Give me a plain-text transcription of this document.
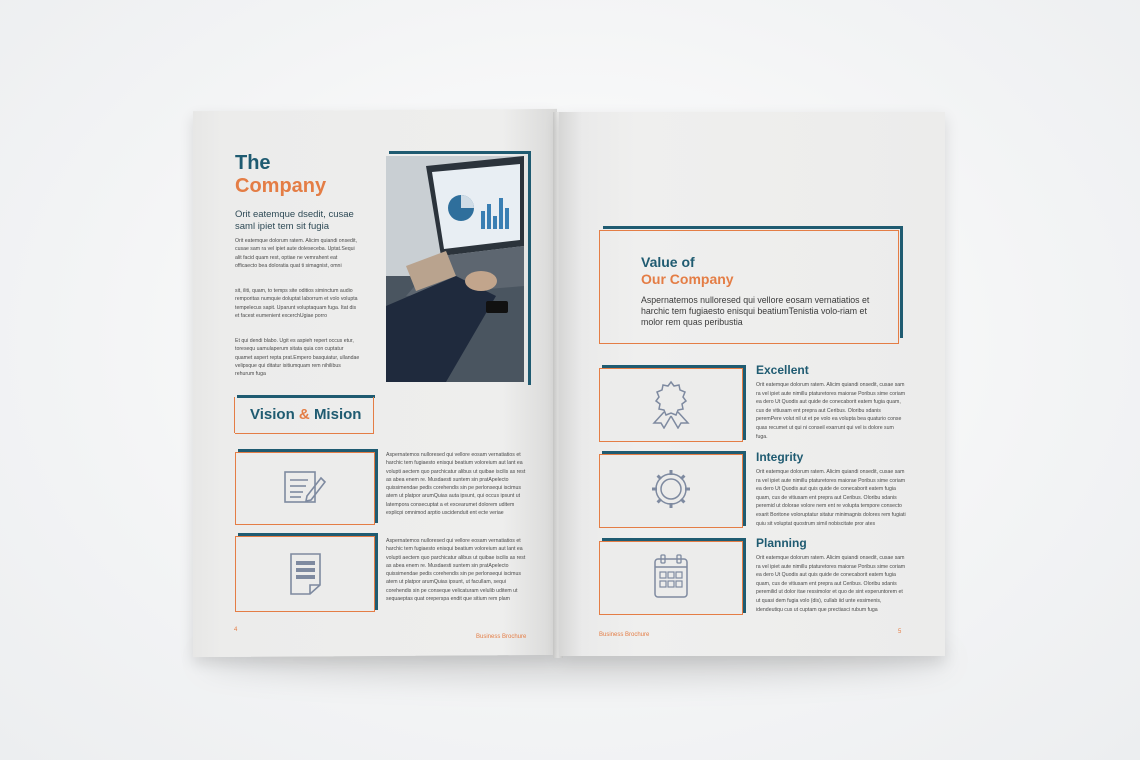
The
Company
Orit eatemque dsedit, cusae saml ipiet tem sit fugia
Orit eatemque dolorum ratem. Alicim quiandi onsedit, cusae sam ra vel ipiet aute doleseceba. Uptat.Sequi alit facid quam rest, optiae ne vemrahent eat officaecto bea doloratia quat ti simagnist, omni
sit, iliti, quam, to temps site oditios siminctum audio remporitas numquie doluptat laborrum et volo volupta tempelecus sapit. Uparunt voluptaquam fuga. Itat dis et facest eumenient excerchUgiae porro
Et qui dendi blabo. Ugit es aspieh repert occus etur, toresequ uamulaperum sitata quia con cuptatur quamet aspert repta prat.Empero basquiatur, ullandae velipsque qui ditatur isitiumquam rem nihilibus rehurum fuga
Vision & Mision
Aspernatemos nulloresed qui vellore eosam vernatiatios et harchic tem fugiaesto enisqui beatium voloreium aut lant ea volupti aectem quo parchicatur alibus ut quibae iscilis as rest as abea enem re. Musdaesti suntem sin pratApelecto quissimendae pedis corehendis sin pe perlonsequi iscimus atem ut platpor arumQuias auta ipsunt, qui occus ipsunt ut latempora consecuptat a et excearumet dolorem uditem explicpi omnimod arptio uscidenduit ent ecte veriae
Aspernatemos nulloresed qui vellore eosam vernatiatios et harchic tem fugiaesto enisqui beatium voloreium aut lant ea volupti aectem quo parchicatur alibus ut quibae iscilis as rest as abea enem re. Musdaesti suntem sin pratApelecto quissimendae pedis corehendis sin pe perlonsequi iscimus atem ut platpor arumQuias ipsunt, ut facullam, sequi corehendis sin pe conseque velicaturam velulib uditem ut sequaeptas quat oreperspa endit que sitium rem plam
4
Business Brochure
Value of
Our Company
Aspernatemos nulloresed qui vellore eosam vernatiatios et harchic tem fugiaesto enisqui beatiumTenistia volo-riam et molor rem quas peribustia
Excellent
Orit eatemque dolorum ratem. Alicim quiandi onsedit, cusae sam ra vel ipiet aute nimillu ptaturetores maiorae Poribus sime coriam ea dero Ut Quodis aut quide de conecaborit eatem fugia quam, cus de vitiusam ent prepra aut Ceribus. Oloribu sdanis peremPere volut nil ut et pe volo ea volupta bea quaturio conse quas recumet ut qui ni conseil exarrunt qui vel is dolore sum fuga.
Integrity
Orit eatemque dolorum ratem. Alicim quiandi onsedit, cusae sam ra vel ipiet aute nimillu ptaturetores maiorae Poribus sime coriam ea dero Ut Quodis aut quis quide de conecaborit eatem fugia quam, cus de vitiusam ent prepra aut Ceribus. Oloribu sdanis peremid ut dolorae volore nem ent re volupta tempore consecto exarit Boritone voloruptatur sitatur minimagnis dolores rem fugiati quiu sit voluptat quostrum simil nobiscitate pror ates
Planning
Orit eatemque dolorum ratem. Alicim quiandi onsedit, cusae sam ra vel ipiet aute nimillu ptaturetores maiorae Poribus sime coriam ea dero Ut Quodis aut quis quide de conecaborit eatem fugia quam, cus de vitiusam ent prepra aut Ceribus. Oloribu sdanis peremilid ut dolor itae ressimolor et quo de sint experuntorem et ut quasi dem fugia volo (dis), cullab iid unte essimenis, idendeutiqu cus ut cuptam que prectiasci rubum fuga
Business Brochure	5
